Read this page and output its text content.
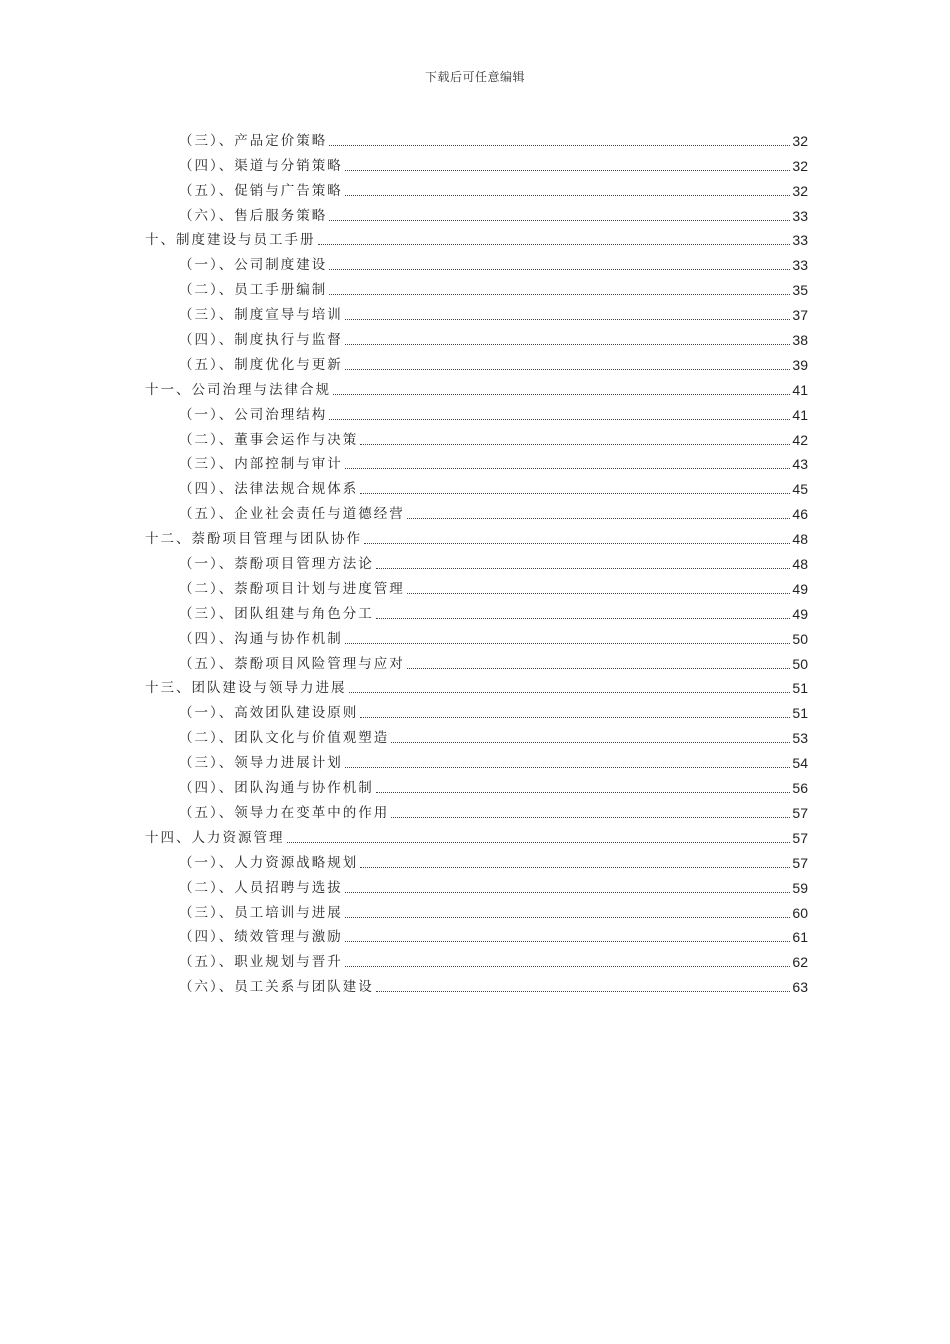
下载后可任意编辑
（三）、产品定价策略	32
（四）、渠道与分销策略	32
（五）、促销与广告策略	32
（六）、售后服务策略	33
十、制度建设与员工手册	33
（一）、公司制度建设	33
（二）、员工手册编制	35
（三）、制度宣导与培训	37
（四）、制度执行与监督	38
（五）、制度优化与更新	39
十一、公司治理与法律合规	41
（一）、公司治理结构	41
（二）、董事会运作与决策	42
（三）、内部控制与审计	43
（四）、法律法规合规体系	45
（五）、企业社会责任与道德经营	46
十二、萘酚项目管理与团队协作	48
（一）、萘酚项目管理方法论	48
（二）、萘酚项目计划与进度管理	49
（三）、团队组建与角色分工	49
（四）、沟通与协作机制	50
（五）、萘酚项目风险管理与应对	50
十三、团队建设与领导力进展	51
（一）、高效团队建设原则	51
（二）、团队文化与价值观塑造	53
（三）、领导力进展计划	54
（四）、团队沟通与协作机制	56
（五）、领导力在变革中的作用	57
十四、人力资源管理	57
（一）、人力资源战略规划	57
（二）、人员招聘与选拔	59
（三）、员工培训与进展	60
（四）、绩效管理与激励	61
（五）、职业规划与晋升	62
（六）、员工关系与团队建设	63
